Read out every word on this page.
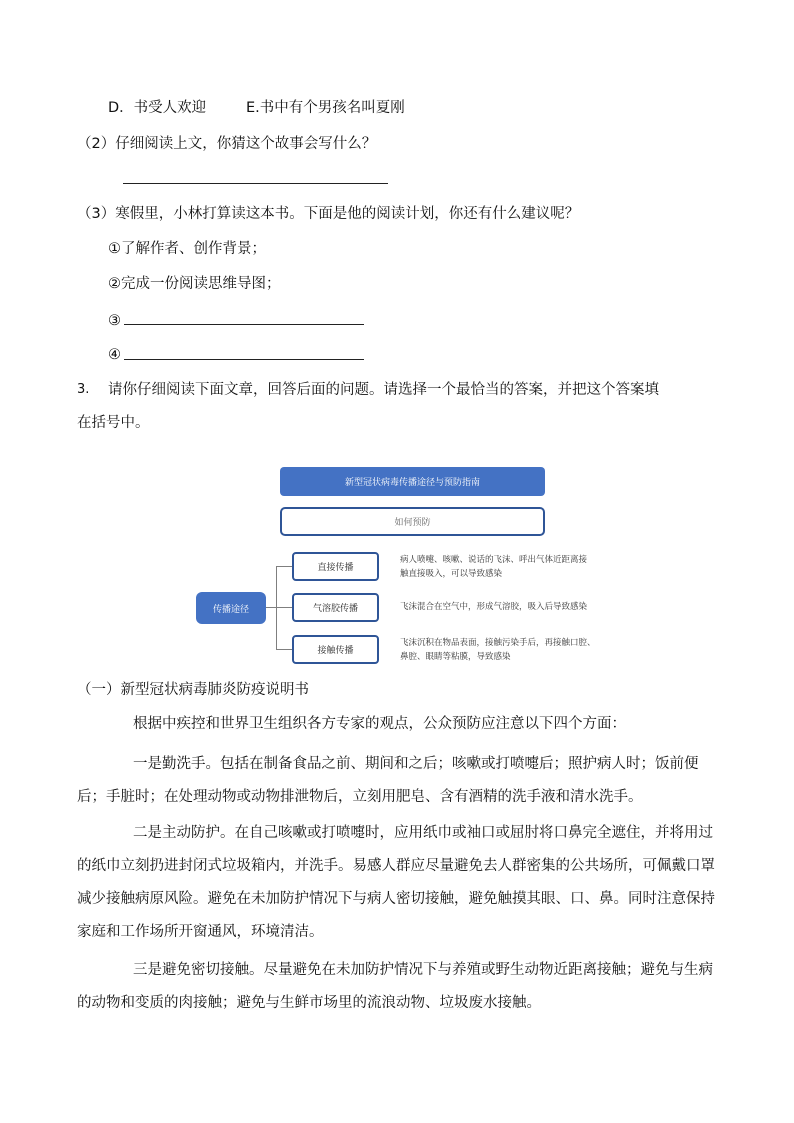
D．书受人欢迎	E.书中有个男孩名叫夏刚
（2）仔细阅读上文，你猜这个故事会写什么？
（3）寒假里，小林打算读这本书。下面是他的阅读计划，你还有什么建议呢？
①了解作者、创作背景；
②完成一份阅读思维导图；
③
④
3. 请你仔细阅读下面文章，回答后面的问题。请选择一个最恰当的答案，并把这个答案填
在括号中。
新型冠状病毒传播途径与预防指南
如何预防
传播途径
直接传播
病人喷嚏、咳嗽、说话的飞沫、呼出气体近距离接
触直接吸入，可以导致感染
气溶胶传播	飞沫混合在空气中，形成气溶胶，吸入后导致感染
接触传播
飞沫沉积在物品表面，接触污染手后，再接触口腔、
鼻腔、眼睛等粘膜，导致感染
（一）新型冠状病毒肺炎防疫说明书
根据中疾控和世界卫生组织各方专家的观点，公众预防应注意以下四个方面：
一是勤洗手。包括在制备食品之前、期间和之后；咳嗽或打喷嚏后；照护病人时；饭前便后；手脏时；在处理动物或动物排泄物后，立刻用肥皂、含有酒精的洗手液和清水洗手。
二是主动防护。在自己咳嗽或打喷嚏时，应用纸巾或袖口或屈肘将口鼻完全遮住，并将用过的纸巾立刻扔进封闭式垃圾箱内，并洗手。易感人群应尽量避免去人群密集的公共场所，可佩戴口罩减少接触病原风险。避免在未加防护情况下与病人密切接触，避免触摸其眼、口、鼻。同时注意保持家庭和工作场所开窗通风，环境清洁。
三是避免密切接触。尽量避免在未加防护情况下与养殖或野生动物近距离接触；避免与生病的动物和变质的肉接触；避免与生鲜市场里的流浪动物、垃圾废水接触。
